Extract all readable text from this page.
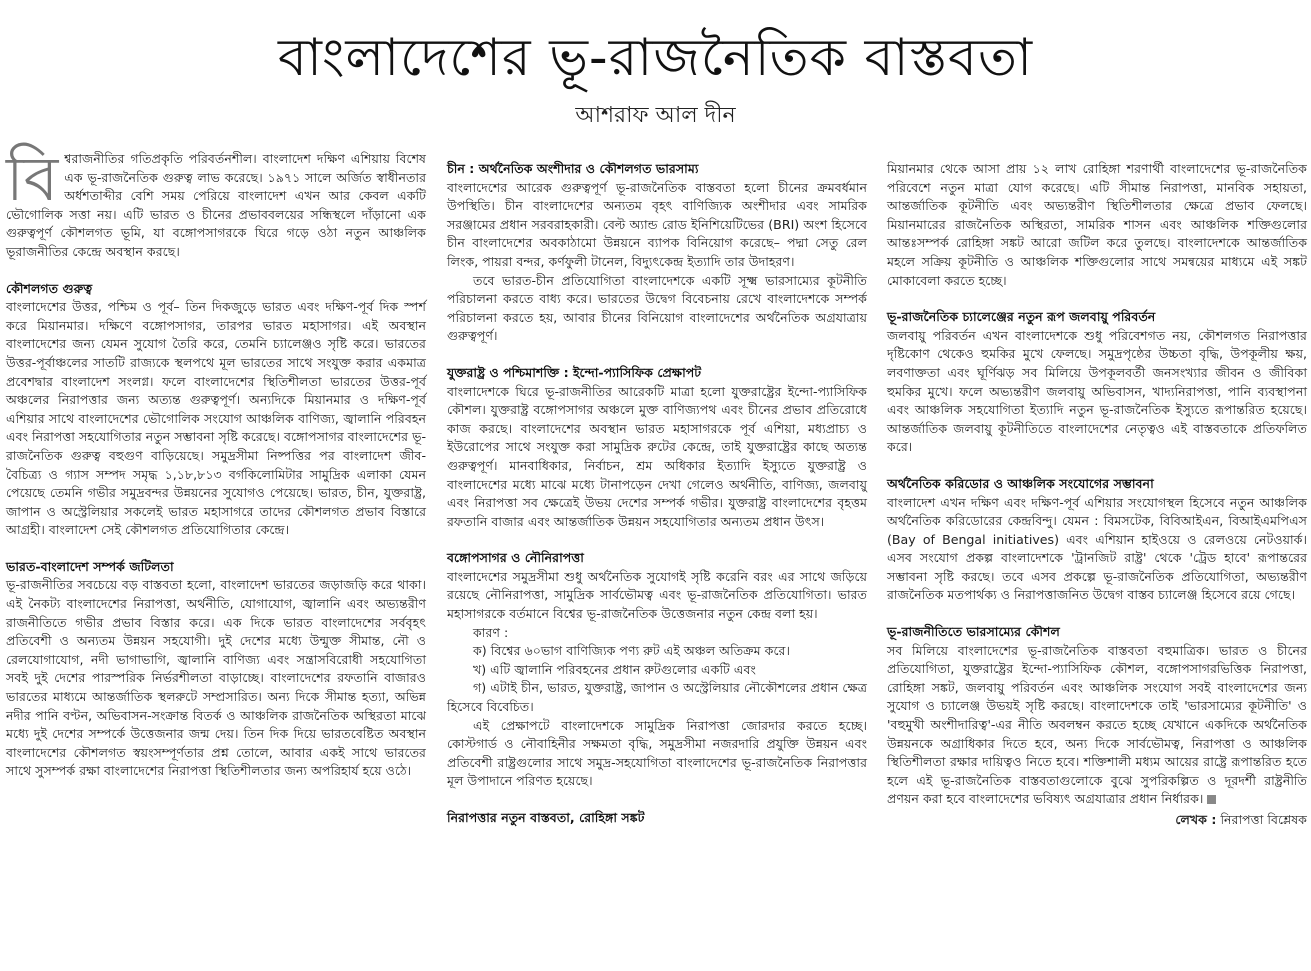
বাংলাদেশের ভূ-রাজনৈতিক বাস্তবতা
আশরাফ আল দীন

বিশ্বরাজনীতির গতিপ্রকৃতি পরিবর্তনশীল। বাংলাদেশ দক্ষিণ এশিয়ায় বিশেষ এক ভূ-রাজনৈতিক গুরুত্ব লাভ করেছে। ১৯৭১ সালে অর্জিত স্বাধীনতার অর্ধশতাব্দীর বেশি সময় পেরিয়ে বাংলাদেশ এখন আর কেবল একটি ভৌগোলিক সত্তা নয়। এটি ভারত ও চীনের প্রভাববলয়ের সন্ধিস্থলে দাঁড়ানো এক গুরুত্বপূর্ণ কৌশলগত ভূমি, যা বঙ্গোপসাগরকে ঘিরে গড়ে ওঠা নতুন আঞ্চলিক ভূরাজনীতির কেন্দ্রে অবস্থান করছে।

কৌশলগত গুরুত্ব

বাংলাদেশের উত্তর, পশ্চিম ও পূর্ব– তিন দিকজুড়ে ভারত এবং দক্ষিণ-পূর্ব দিক স্পর্শ করে মিয়ানমার। দক্ষিণে বঙ্গোপসাগর, তারপর ভারত মহাসাগর। এই অবস্থান বাংলাদেশের জন্য যেমন সুযোগ তৈরি করে, তেমনি চ্যালেঞ্জও সৃষ্টি করে। ভারতের উত্তর-পূর্বাঞ্চলের সাতটি রাজ্যকে স্থলপথে মূল ভারতের সাথে সংযুক্ত করার একমাত্র প্রবেশদ্বার বাংলাদেশ সংলগ্ন। ফলে বাংলাদেশের স্থিতিশীলতা ভারতের উত্তর-পূর্ব অঞ্চলের নিরাপত্তার জন্য অত্যন্ত গুরুত্বপূর্ণ। অন্যদিকে মিয়ানমার ও দক্ষিণ-পূর্ব এশিয়ার সাথে বাংলাদেশের ভৌগোলিক সংযোগ আঞ্চলিক বাণিজ্য, জ্বালানি পরিবহন এবং নিরাপত্তা সহযোগিতার নতুন সম্ভাবনা সৃষ্টি করেছে। বঙ্গোপসাগর বাংলাদেশের ভূ-রাজনৈতিক গুরুত্ব বহুগুণ বাড়িয়েছে। সমুদ্রসীমা নিষ্পত্তির পর বাংলাদেশ জীব-বৈচিত্র্য ও গ্যাস সম্পদ সমৃদ্ধ ১,১৮,৮১৩ বর্গকিলোমিটার সামুদ্রিক এলাকা যেমন পেয়েছে তেমনি গভীর সমুদ্রবন্দর উন্নয়নের সুযোগও পেয়েছে। ভারত, চীন, যুক্তরাষ্ট্র, জাপান ও অস্ট্রেলিয়ার সকলেই ভারত মহাসাগরে তাদের কৌশলগত প্রভাব বিস্তারে আগ্রহী। বাংলাদেশ সেই কৌশলগত প্রতিযোগিতার কেন্দ্রে।

ভারত-বাংলাদেশ সম্পর্ক জটিলতা

ভূ-রাজনীতির সবচেয়ে বড় বাস্তবতা হলো, বাংলাদেশ ভারতের জড়াজড়ি করে থাকা। এই নৈকট্য বাংলাদেশের নিরাপত্তা, অর্থনীতি, যোগাযোগ, জ্বালানি এবং অভ্যন্তরীণ রাজনীতিতে গভীর প্রভাব বিস্তার করে। এক দিকে ভারত বাংলাদেশের সর্ববৃহৎ প্রতিবেশী ও অন্যতম উন্নয়ন সহযোগী। দুই দেশের মধ্যে উন্মুক্ত সীমান্ত, নৌ ও রেলযোগাযোগ, নদী ভাগাভাগি, জ্বালানি বাণিজ্য এবং সন্ত্রাসবিরোধী সহযোগিতা সবই দুই দেশের পারস্পরিক নির্ভরশীলতা বাড়াচ্ছে। বাংলাদেশের রফতানি বাজারও ভারতের মাধ্যমে আন্তর্জাতিক স্থলরুটে সম্প্রসারিত। অন্য দিকে সীমান্ত হত্যা, অভিন্ন নদীর পানি বণ্টন, অভিবাসন-সংক্রান্ত বিতর্ক ও আঞ্চলিক রাজনৈতিক অস্থিরতা মাঝে মধ্যে দুই দেশের সম্পর্কে উত্তেজনার জন্ম দেয়। তিন দিক দিয়ে ভারতবেষ্টিত অবস্থান বাংলাদেশের কৌশলগত স্বয়ংসম্পূর্ণতার প্রশ্ন তোলে, আবার একই সাথে ভারতের সাথে সুসম্পর্ক রক্ষা বাংলাদেশের নিরাপত্তা স্থিতিশীলতার জন্য অপরিহার্য হয়ে ওঠে।

চীন : অর্থনৈতিক অংশীদার ও কৌশলগত ভারসাম্য

বাংলাদেশের আরেক গুরুত্বপূর্ণ ভূ-রাজনৈতিক বাস্তবতা হলো চীনের ক্রমবর্ধমান উপস্থিতি। চীন বাংলাদেশের অন্যতম বৃহৎ বাণিজ্যিক অংশীদার এবং সামরিক সরঞ্জামের প্রধান সরবরাহকারী। বেল্ট অ্যান্ড রোড ইনিশিয়েটিভের (BRI) অংশ হিসেবে চীন বাংলাদেশের অবকাঠামো উন্নয়নে ব্যাপক বিনিয়োগ করেছে– পদ্মা সেতু রেল লিংক, পায়রা বন্দর, কর্ণফুলী টানেল, বিদ্যুৎকেন্দ্র ইত্যাদি তার উদাহরণ।

তবে ভারত-চীন প্রতিযোগিতা বাংলাদেশকে একটি সূক্ষ্ম ভারসাম্যের কূটনীতি পরিচালনা করতে বাধ্য করে। ভারতের উদ্বেগ বিবেচনায় রেখে বাংলাদেশকে সম্পর্ক পরিচালনা করতে হয়, আবার চীনের বিনিয়োগ বাংলাদেশের অর্থনৈতিক অগ্রযাত্রায় গুরুত্বপূর্ণ।

যুক্তরাষ্ট্র ও পশ্চিমাশক্তি : ইন্দো-প্যাসিফিক প্রেক্ষাপট

বাংলাদেশকে ঘিরে ভূ-রাজনীতির আরেকটি মাত্রা হলো যুক্তরাষ্ট্রের ইন্দো-প্যাসিফিক কৌশল। যুক্তরাষ্ট্র বঙ্গোপসাগর অঞ্চলে মুক্ত বাণিজ্যপথ এবং চীনের প্রভাব প্রতিরোধে কাজ করছে। বাংলাদেশের অবস্থান ভারত মহাসাগরকে পূর্ব এশিয়া, মধ্যপ্রাচ্য ও ইউরোপের সাথে সংযুক্ত করা সামুদ্রিক রুটের কেন্দ্রে, তাই যুক্তরাষ্ট্রের কাছে অত্যন্ত গুরুত্বপূর্ণ। মানবাধিকার, নির্বাচন, শ্রম অধিকার ইত্যাদি ইস্যুতে যুক্তরাষ্ট্র ও বাংলাদেশের মধ্যে মাঝে মধ্যে টানাপড়েন দেখা গেলেও অর্থনীতি, বাণিজ্য, জলবায়ু এবং নিরাপত্তা সব ক্ষেত্রেই উভয় দেশের সম্পর্ক গভীর। যুক্তরাষ্ট্র বাংলাদেশের বৃহত্তম রফতানি বাজার এবং আন্তর্জাতিক উন্নয়ন সহযোগিতার অন্যতম প্রধান উৎস।

বঙ্গোপসাগর ও নৌনিরাপত্তা

বাংলাদেশের সমুদ্রসীমা শুধু অর্থনৈতিক সুযোগই সৃষ্টি করেনি বরং এর সাথে জড়িয়ে রয়েছে নৌনিরাপত্তা, সামুদ্রিক সার্বভৌমত্ব এবং ভূ-রাজনৈতিক প্রতিযোগিতা। ভারত মহাসাগরকে বর্তমানে বিশ্বের ভূ-রাজনৈতিক উত্তেজনার নতুন কেন্দ্র বলা হয়।

কারণ :

ক) বিশ্বের ৬০ভাগ বাণিজ্যিক পণ্য রুট এই অঞ্চল অতিক্রম করে।

খ) এটি জ্বালানি পরিবহনের প্রধান রুটগুলোর একটি এবং

গ) এটাই চীন, ভারত, যুক্তরাষ্ট্র, জাপান ও অস্ট্রেলিয়ার নৌকৌশলের প্রধান ক্ষেত্র হিসেবে বিবেচিত।

এই প্রেক্ষাপটে বাংলাদেশকে সামুদ্রিক নিরাপত্তা জোরদার করতে হচ্ছে। কোস্টগার্ড ও নৌবাহিনীর সক্ষমতা বৃদ্ধি, সমুদ্রসীমা নজরদারি প্রযুক্তি উন্নয়ন এবং প্রতিবেশী রাষ্ট্রগুলোর সাথে সমুদ্র-সহযোগিতা বাংলাদেশের ভূ-রাজনৈতিক নিরাপত্তার মূল উপাদানে পরিণত হয়েছে।

নিরাপত্তার নতুন বাস্তবতা, রোহিঙ্গা সঙ্কট

মিয়ানমার থেকে আসা প্রায় ১২ লাখ রোহিঙ্গা শরণার্থী বাংলাদেশের ভূ-রাজনৈতিক পরিবেশে নতুন মাত্রা যোগ করেছে। এটি সীমান্ত নিরাপত্তা, মানবিক সহায়তা, আন্তর্জাতিক কূটনীতি এবং অভ্যন্তরীণ স্থিতিশীলতার ক্ষেত্রে প্রভাব ফেলছে। মিয়ানমারের রাজনৈতিক অস্থিরতা, সামরিক শাসন এবং আঞ্চলিক শক্তিগুলোর আন্তঃসম্পর্ক রোহিঙ্গা সঙ্কট আরো জটিল করে তুলছে। বাংলাদেশকে আন্তর্জাতিক মহলে সক্রিয় কূটনীতি ও আঞ্চলিক শক্তিগুলোর সাথে সমন্বয়ের মাধ্যমে এই সঙ্কট মোকাবেলা করতে হচ্ছে।

ভূ-রাজনৈতিক চ্যালেঞ্জের নতুন রূপ জলবায়ু পরিবর্তন

জলবায়ু পরিবর্তন এখন বাংলাদেশকে শুধু পরিবেশগত নয়, কৌশলগত নিরাপত্তার দৃষ্টিকোণ থেকেও হুমকির মুখে ফেলছে। সমুদ্রপৃষ্ঠের উচ্চতা বৃদ্ধি, উপকূলীয় ক্ষয়, লবণাক্ততা এবং ঘূর্ণিঝড় সব মিলিয়ে উপকূলবর্তী জনসংখ্যার জীবন ও জীবিকা হুমকির মুখে। ফলে অভ্যন্তরীণ জলবায়ু অভিবাসন, খাদ্যনিরাপত্তা, পানি ব্যবস্থাপনা এবং আঞ্চলিক সহযোগিতা ইত্যাদি নতুন ভূ-রাজনৈতিক ইস্যুতে রূপান্তরিত হয়েছে। আন্তর্জাতিক জলবায়ু কূটনীতিতে বাংলাদেশের নেতৃত্বও এই বাস্তবতাকে প্রতিফলিত করে।

অর্থনৈতিক করিডোর ও আঞ্চলিক সংযোগের সম্ভাবনা

বাংলাদেশ এখন দক্ষিণ এবং দক্ষিণ-পূর্ব এশিয়ার সংযোগস্থল হিসেবে নতুন আঞ্চলিক অর্থনৈতিক করিডোরের কেন্দ্রবিন্দু। যেমন : বিমসটেক, বিবিআইএন, বিআইএমপিএস (Bay of Bengal initiatives) এবং এশিয়ান হাইওয়ে ও রেলওয়ে নেটওয়ার্ক। এসব সংযোগ প্রকল্প বাংলাদেশকে 'ট্রানজিট রাষ্ট্র' থেকে 'ট্রেড হাবে' রূপান্তরের সম্ভাবনা সৃষ্টি করছে। তবে এসব প্রকল্পে ভূ-রাজনৈতিক প্রতিযোগিতা, অভ্যন্তরীণ রাজনৈতিক মতপার্থক্য ও নিরাপত্তাজনিত উদ্বেগ বাস্তব চ্যালেঞ্জ হিসেবে রয়ে গেছে।

ভূ-রাজনীতিতে ভারসাম্যের কৌশল

সব মিলিয়ে বাংলাদেশের ভূ-রাজনৈতিক বাস্তবতা বহুমাত্রিক। ভারত ও চীনের প্রতিযোগিতা, যুক্তরাষ্ট্রের ইন্দো-প্যাসিফিক কৌশল, বঙ্গোপসাগরভিত্তিক নিরাপত্তা, রোহিঙ্গা সঙ্কট, জলবায়ু পরিবর্তন এবং আঞ্চলিক সংযোগ সবই বাংলাদেশের জন্য সুযোগ ও চ্যালেঞ্জ উভয়ই সৃষ্টি করছে। বাংলাদেশকে তাই 'ভারসাম্যের কূটনীতি' ও 'বহুমুখী অংশীদারিত্ব'-এর নীতি অবলম্বন করতে হচ্ছে যেখানে একদিকে অর্থনৈতিক উন্নয়নকে অগ্রাধিকার দিতে হবে, অন্য দিকে সার্বভৌমত্ব, নিরাপত্তা ও আঞ্চলিক স্থিতিশীলতা রক্ষার দায়িত্বও নিতে হবে। শক্তিশালী মধ্যম আয়ের রাষ্ট্রে রূপান্তরিত হতে হলে এই ভূ-রাজনৈতিক বাস্তবতাগুলোকে বুঝে সুপরিকল্পিত ও দূরদর্শী রাষ্ট্রনীতি প্রণয়ন করা হবে বাংলাদেশের ভবিষ্যৎ অগ্রযাত্রার প্রধান নির্ধারক।

লেখক : নিরাপত্তা বিশ্লেষক
